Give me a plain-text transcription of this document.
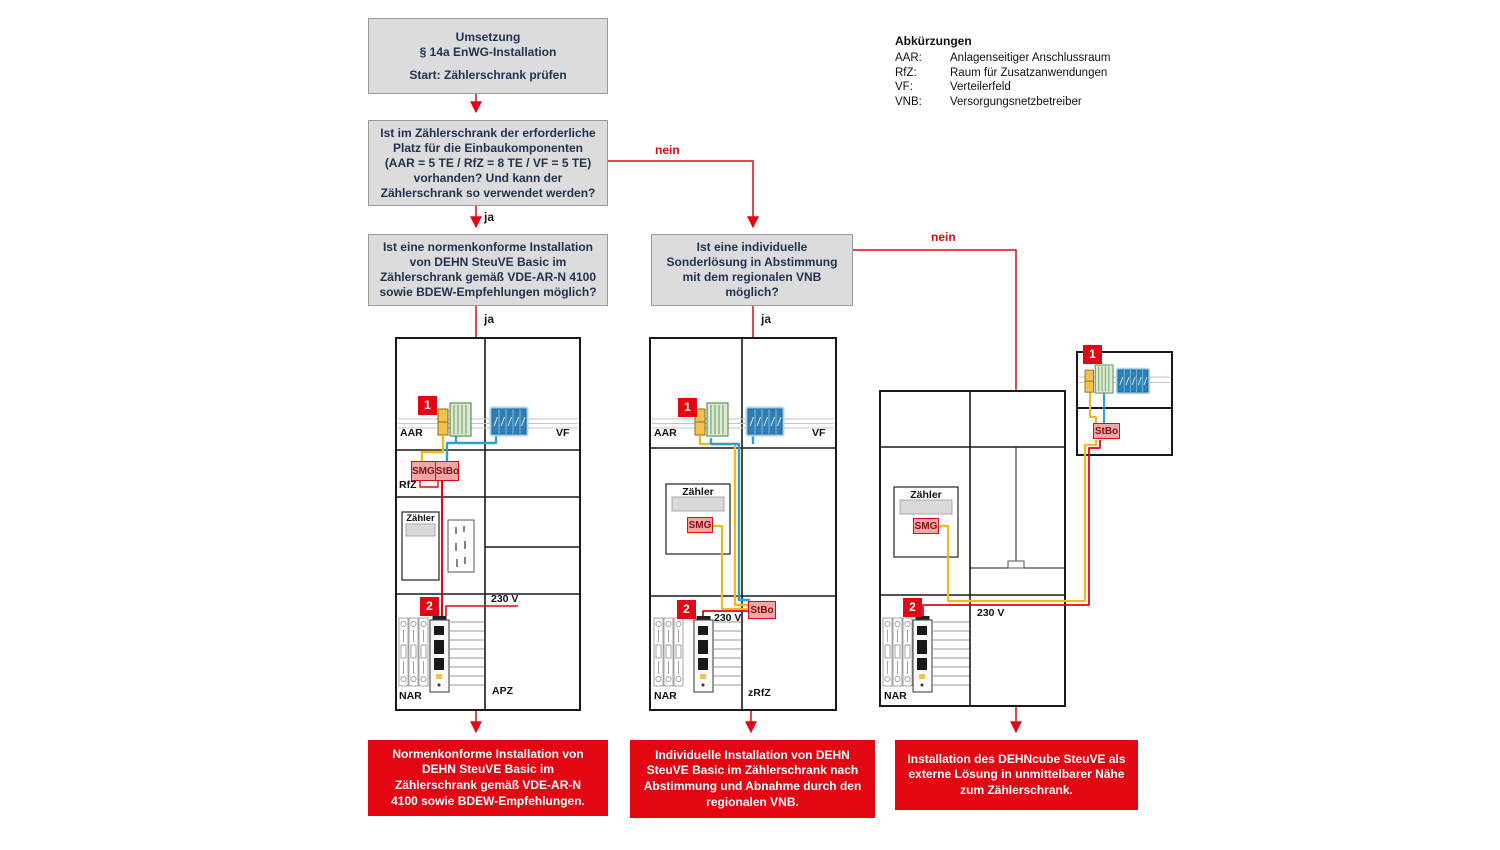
Umsetzung
§ 14a EnWG-Installation
Start: Zählerschrank prüfen
Ist im Zählerschrank der erforderliche Platz für die Einbaukomponenten (AAR = 5 TE / RfZ = 8 TE / VF = 5 TE) vorhanden? Und kann der Zählerschrank so verwendet werden?
Ist eine normenkonforme Installation von DEHN SteuVE Basic im Zählerschrank gemäß VDE-AR-N 4100 sowie BDEW-Empfehlungen möglich?
Ist eine individuelle Sonderlösung in Abstimmung mit dem regionalen VNB möglich?
ja
ja	ja
nein
nein
Abkürzungen
AAR:	Anlagenseitiger Anschlussraum
RfZ:	Raum für Zusatzanwendungen
VF:	Verteilerfeld
VNB:	Versorgungsnetzbetreiber
1
AAR	VF
SMG StBo
RfZ
Zähler
2	230 V
NAR	APZ
1
AAR	VF
Zähler
SMG
StBo
2
230 V
NAR	zRfZ
Zähler
SMG
2	230 V
NAR
1
StBo
Normenkonforme Installation von DEHN SteuVE Basic im Zählerschrank gemäß VDE-AR-N 4100 sowie BDEW-Empfehlungen.
Individuelle Installation von DEHN SteuVE Basic im Zählerschrank nach Abstimmung und Abnahme durch den regionalen VNB.
Installation des DEHNcube SteuVE als externe Lösung in unmittelbarer Nähe zum Zählerschrank.
